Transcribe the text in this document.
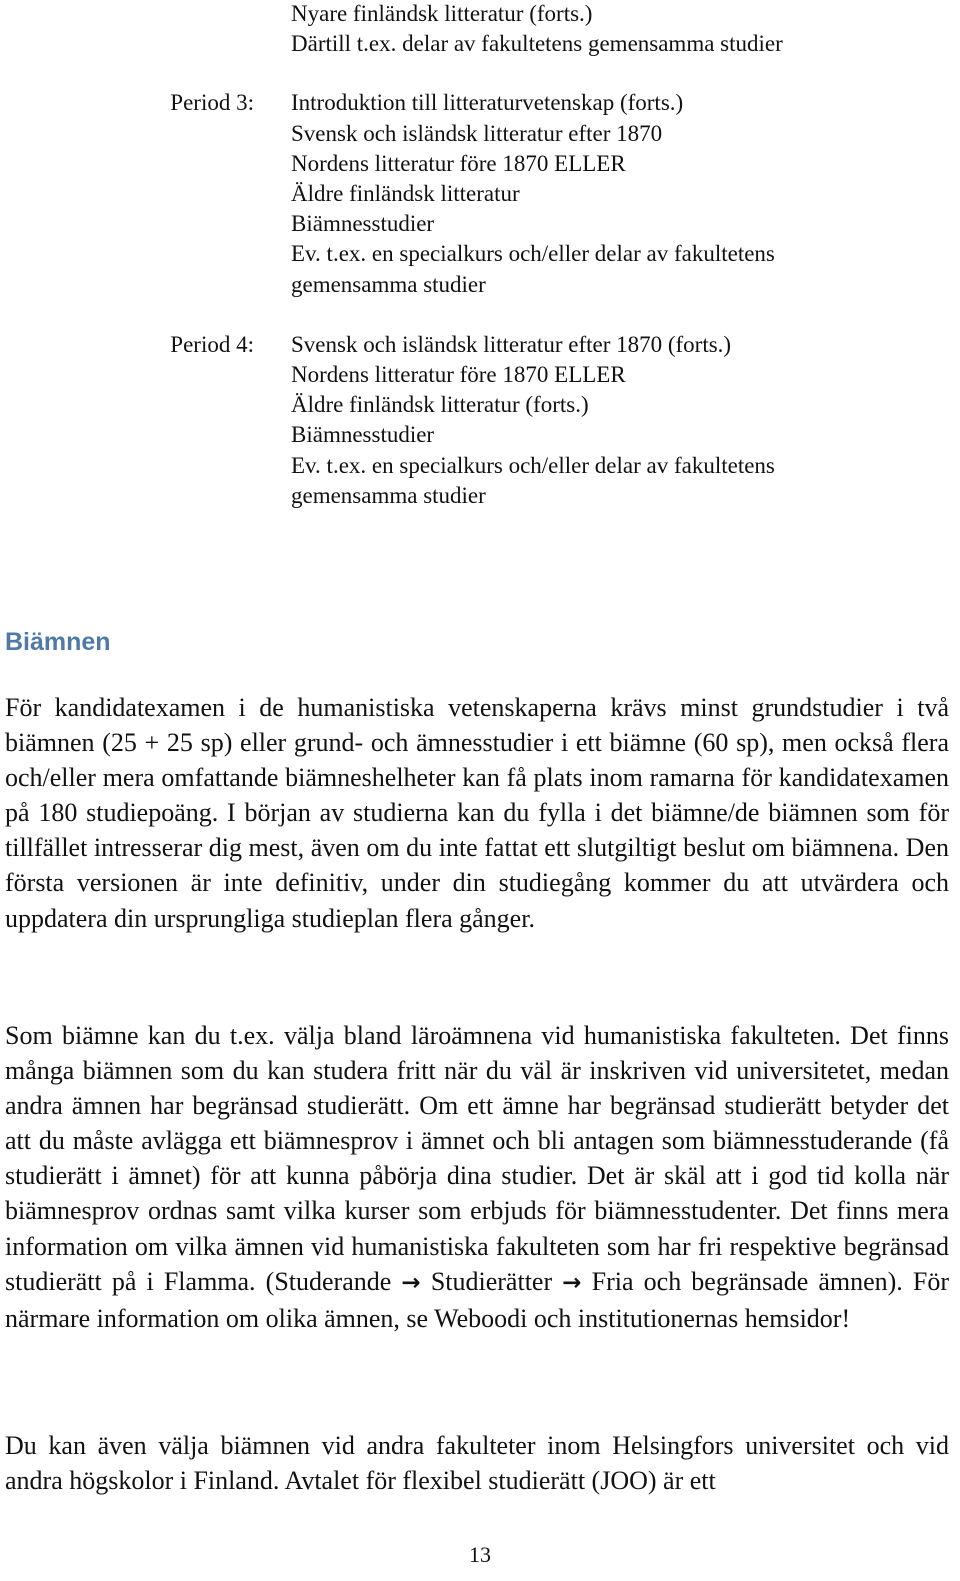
Nyare finländsk litteratur (forts.)
Därtill t.ex. delar av fakultetens gemensamma studier
Period 3: Introduktion till litteraturvetenskap (forts.)
Svensk och isländsk litteratur efter 1870
Nordens litteratur före 1870 ELLER
Äldre finländsk litteratur
Biämnesstudier
Ev. t.ex. en specialkurs och/eller delar av fakultetens
gemensamma studier
Period 4: Svensk och isländsk litteratur efter 1870 (forts.)
Nordens litteratur före 1870 ELLER
Äldre finländsk litteratur (forts.)
Biämnesstudier
Ev. t.ex. en specialkurs och/eller delar av fakultetens
gemensamma studier
Biämnen

För kandidatexamen i de humanistiska vetenskaperna krävs minst grundstudier i två biämnen (25 + 25 sp) eller grund- och ämnesstudier i ett biämne (60 sp), men också flera och/eller mera omfattande biämneshelheter kan få plats inom ramarna för kandidatexamen på 180 studiepoäng. I början av studierna kan du fylla i det biämne/de biämnen som för tillfället intresserar dig mest, även om du inte fattat ett slutgiltigt beslut om biämnena. Den första versionen är inte definitiv, under din studiegång kommer du att utvärdera och uppdatera din ursprungliga studieplan flera gånger.

Som biämne kan du t.ex. välja bland läroämnena vid humanistiska fakulteten. Det finns många biämnen som du kan studera fritt när du väl är inskriven vid universitetet, medan andra ämnen har begränsad studierätt. Om ett ämne har begränsad studierätt betyder det att du måste avlägga ett biämnesprov i ämnet och bli antagen som biämnesstuderande (få studierätt i ämnet) för att kunna påbörja dina studier. Det är skäl att i god tid kolla när biämnesprov ordnas samt vilka kurser som erbjuds för biämnesstudenter. Det finns mera information om vilka ämnen vid humanistiska fakulteten som har fri respektive begränsad studierätt på i Flamma. (Studerande → Studierätter → Fria och begränsade ämnen). För närmare information om olika ämnen, se Weboodi och institutionernas hemsidor!

Du kan även välja biämnen vid andra fakulteter inom Helsingfors universitet och vid andra högskolor i Finland. Avtalet för flexibel studierätt (JOO) är ett

13
